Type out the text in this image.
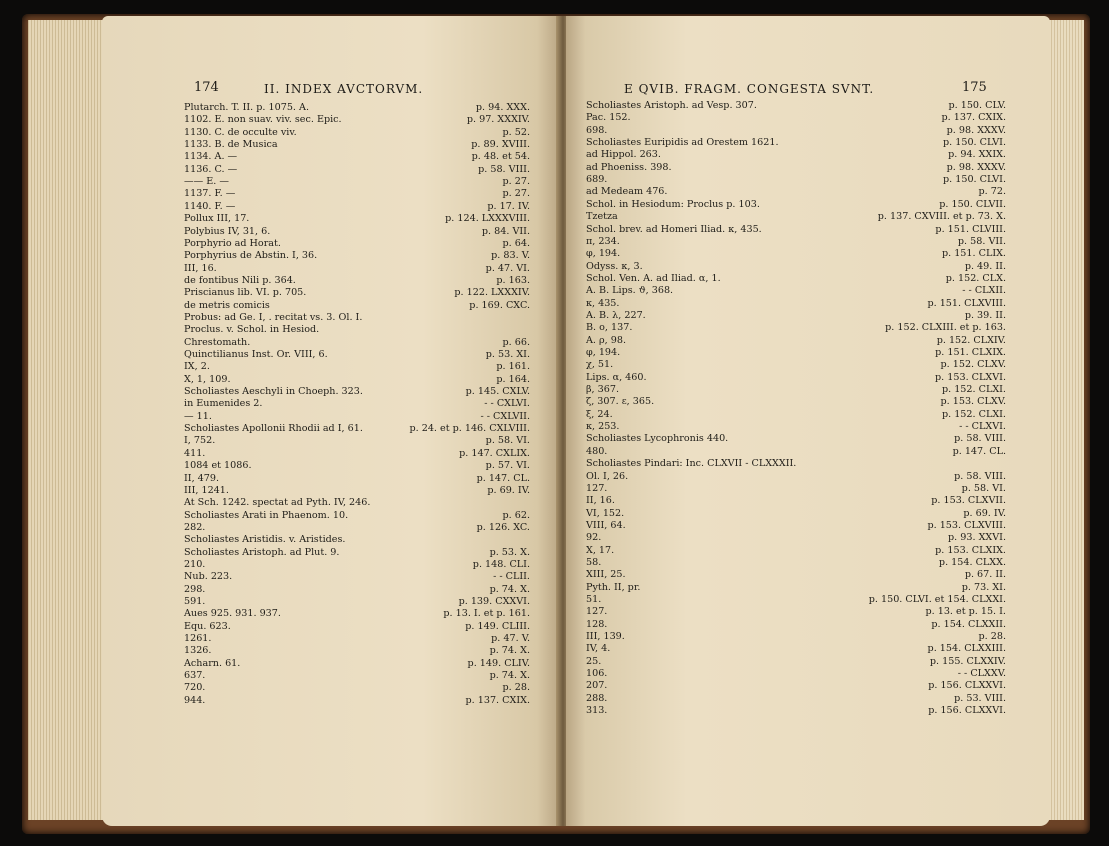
174	II. INDEX AVCTORVM.
Plutarch. T. II. p. 1075. A.	p. 94. XXX.
1102. E. non suav. viv. sec. Epic.	p. 97. XXXIV.
1130. C. de occulte viv.	p. 52.
1133. B. de Musica	p. 89. XVIII.
1134. A. —	p. 48. et 54.
1136. C. —	p. 58. VIII.
—— E. —	p. 27.
1137. F. —	p. 27.
1140. F. —	p. 17. IV.
Pollux III, 17.	p. 124. LXXXVIII.
Polybius IV, 31, 6.	p. 84. VII.
Porphyrio ad Horat.	p. 64.
Porphyrius de Abstin. I, 36.	p. 83. V.
III, 16.	p. 47. VI.
de fontibus Nili p. 364.	p. 163.
Priscianus lib. VI. p. 705.	p. 122. LXXXIV.
de metris comicis	p. 169. CXC.
Probus: ad Ge. I, . recitat vs. 3. Ol. I.
Proclus. v. Schol. in Hesiod.
Chrestomath.	p. 66.
Quinctilianus Inst. Or. VIII, 6.	p. 53. XI.
IX, 2.	p. 161.
X, 1, 109.	p. 164.
Scholiastes Aeschyli in Choeph. 323.	p. 145. CXLV.
in Eumenides 2.	- - CXLVI.
— 11.	- - CXLVII.
Scholiastes Apollonii Rhodii ad I, 61.	p. 24. et p. 146. CXLVIII.
I, 752.	p. 58. VI.
411.	p. 147. CXLIX.
1084 et 1086.	p. 57. VI.
II, 479.	p. 147. CL.
III, 1241.	p. 69. IV.
At Sch. 1242. spectat ad Pyth. IV, 246.
Scholiastes Arati in Phaenom. 10.	p. 62.
282.	p. 126. XC.
Scholiastes Aristidis. v. Aristides.
Scholiastes Aristoph. ad Plut. 9.	p. 53. X.
210.	p. 148. CLI.
Nub. 223.	- - CLII.
298.	p. 74. X.
591.	p. 139. CXXVI.
Aues 925. 931. 937.	p. 13. I. et p. 161.
Equ. 623.	p. 149. CLIII.
1261.	p. 47. V.
1326.	p. 74. X.
Acharn. 61.	p. 149. CLIV.
637.	p. 74. X.
720.	p. 28.
944.	p. 137. CXIX.
E QVIB. FRAGM. CONGESTA SVNT.	175
Scholiastes Aristoph. ad Vesp. 307.	p. 150. CLV.
Pac. 152.	p. 137. CXIX.
698.	p. 98. XXXV.
Scholiastes Euripidis ad Orestem 1621.	p. 150. CLVI.
ad Hippol. 263.	p. 94. XXIX.
ad Phoeniss. 398.	p. 98. XXXV.
689.	p. 150. CLVI.
ad Medeam 476.	p. 72.
Schol. in Hesiodum: Proclus p. 103.	p. 150. CLVII.
Tzetza	p. 137. CXVIII. et p. 73. X.
Schol. brev. ad Homeri Iliad. κ, 435.	p. 151. CLVIII.
π, 234.	p. 58. VII.
φ, 194.	p. 151. CLIX.
Odyss. κ, 3.	p. 49. II.
Schol. Ven. A. ad Iliad. α, 1.	p. 152. CLX.
A. B. Lips. ϑ, 368.	- - CLXII.
κ, 435.	p. 151. CLXVIII.
A. B. λ, 227.	p. 39. II.
B. ο, 137.	p. 152. CLXIII. et p. 163.
A. ρ, 98.	p. 152. CLXIV.
φ, 194.	p. 151. CLXIX.
χ, 51.	p. 152. CLXV.
Lips. α, 460.	p. 153. CLXVI.
β, 367.	p. 152. CLXI.
ζ, 307. ε, 365.	p. 153. CLXV.
ξ, 24.	p. 152. CLXI.
κ, 253.	- - CLXVI.
Scholiastes Lycophronis 440.	p. 58. VIII.
480.	p. 147. CL.
Scholiastes Pindari: Inc. CLXVII - CLXXXII.
Ol. I, 26.	p. 58. VIII.
127.	p. 58. VI.
II, 16.	p. 153. CLXVII.
VI, 152.	p. 69. IV.
VIII, 64.	p. 153. CLXVIII.
92.	p. 93. XXVI.
X, 17.	p. 153. CLXIX.
58.	p. 154. CLXX.
XIII, 25.	p. 67. II.
Pyth. II, pr.	p. 73. XI.
51.	p. 150. CLVI. et 154. CLXXI.
127.	p. 13. et p. 15. I.
128.	p. 154. CLXXII.
III, 139.	p. 28.
IV, 4.	p. 154. CLXXIII.
25.	p. 155. CLXXIV.
106.	- - CLXXV.
207.	p. 156. CLXXVI.
288.	p. 53. VIII.
313.	p. 156. CLXXVI.
